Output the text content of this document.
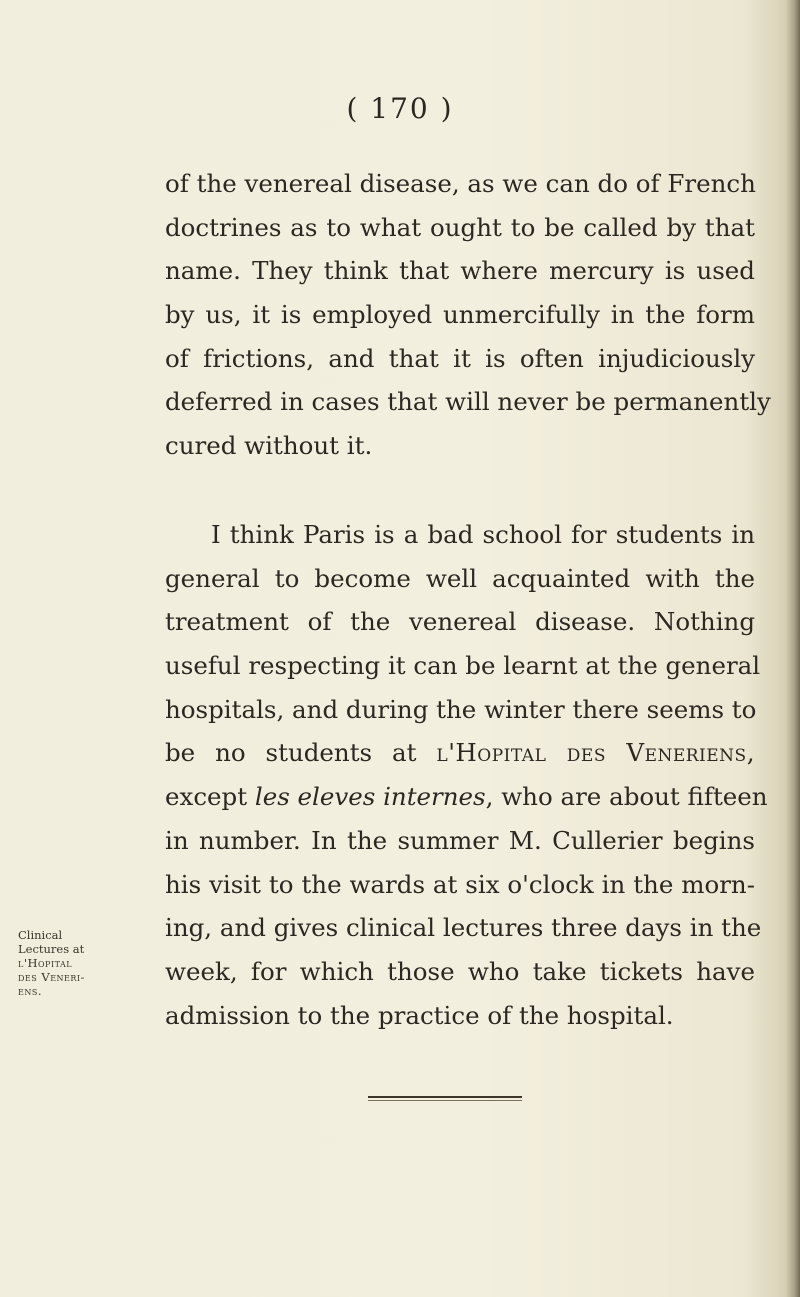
( 170 )
of the venereal disease, as we can do of French
doctrines as to what ought to be called by that
name. They think that where mercury is used
by us, it is employed unmercifully in the form
of frictions, and that it is often injudiciously
deferred in cases that will never be permanently
cured without it.
I think Paris is a bad school for students in
general to become well acquainted with the
treatment of the venereal disease. Nothing
useful respecting it can be learnt at the general
hospitals, and during the winter there seems to
be no students at l'Hopital des Veneriens,
except les eleves internes, who are about fifteen
in number. In the summer M. Cullerier begins
his visit to the wards at six o'clock in the morn-
ing, and gives clinical lectures three days in the
week, for which those who take tickets have
admission to the practice of the hospital.
Clinical
Lectures at
l'Hopital
des Veneri-
ens.
